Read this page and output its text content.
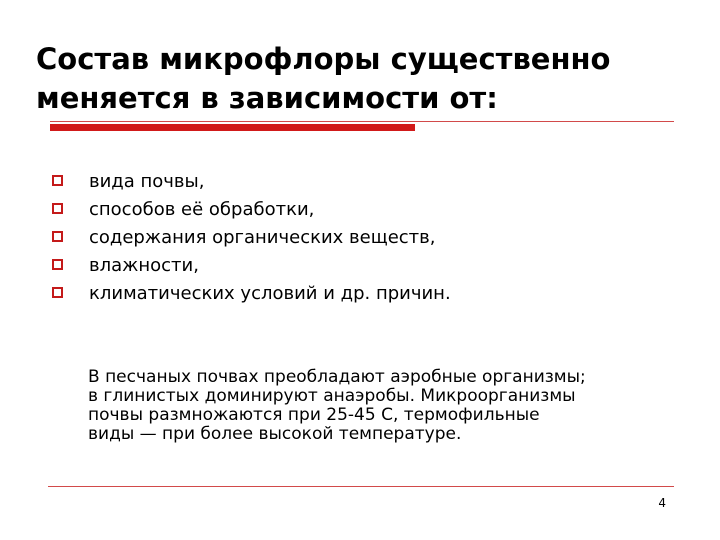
Состав микрофлоры существенно
меняется в зависимости от:
вида почвы,
способов её обработки,
содержания органических веществ,
влажности,
климатических условий и др. причин.

В песчаных почвах преобладают аэробные организмы;
в глинистых доминируют анаэробы. Микроорганизмы
почвы размножаются при 25-45 С, термофильные
виды — при более высокой температуре.

4
